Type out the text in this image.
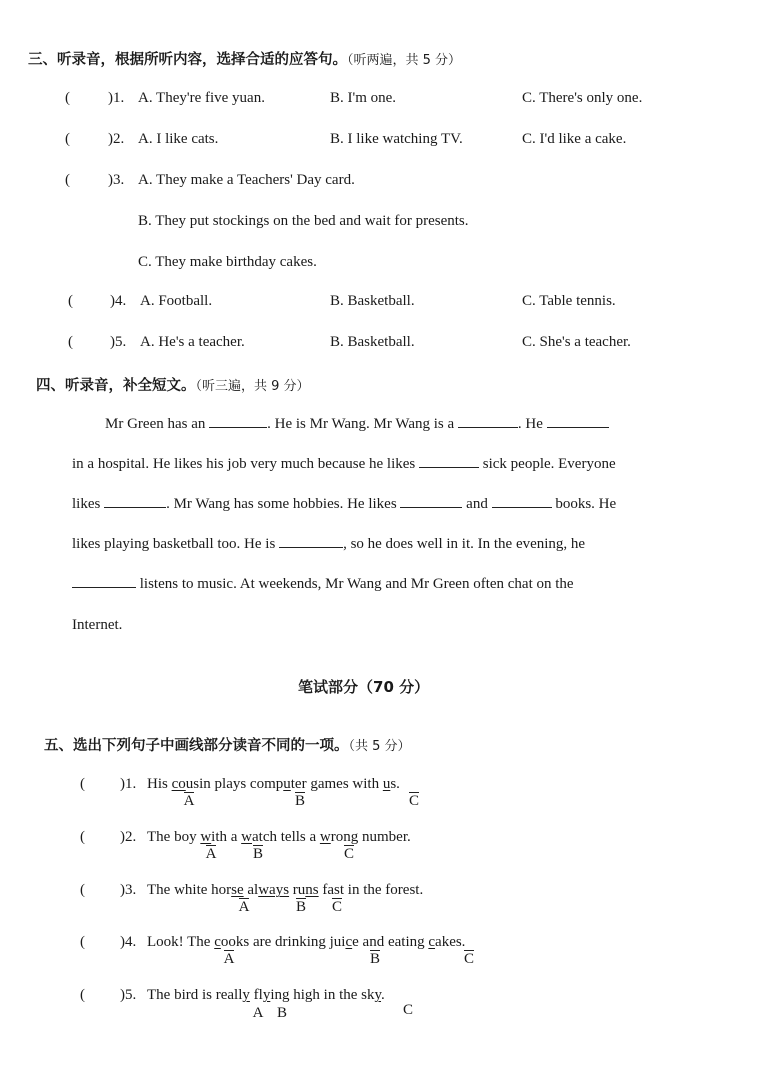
三、听录音，根据所听内容，选择合适的应答句。（听两遍，共 5 分）
(	)1. A. They're five yuan.	B. I'm one.	C. There's only one.
(	)2. A. I like cats.	B. I like watching TV.	C. I'd like a cake.
(	)3. A. They make a Teachers' Day card.
B. They put stockings on the bed and wait for presents.
C. They make birthday cakes.
( )4. A. Football.	B. Basketball.	C. Table tennis.
( )5. A. He's a teacher.	B. Basketball.	C. She's a teacher.
四、听录音，补全短文。（听三遍，共 9 分）
Mr Green has an	. He is Mr Wang. Mr Wang is a	. He
in a hospital. He likes his job very much because he likes	sick people. Everyone
likes	. Mr Wang has some hobbies. He likes	and	books. He
likes playing basketball too. He is	, so he does well in it. In the evening, he
listens to music. At weekends, Mr Wang and Mr Green often chat on the
Internet.
笔试部分（70 分）
五、选出下列句子中画线部分读音不同的一项。（共 5 分）
( )1. His cousin plays computer games with us.
A	B	C
( )2. The boy with a watch tells a wrong number.
A B	C
( )3. The white horse always runs fast in the forest.
A	B C
( )4. Look! The cooks are drinking juice and eating cakes.
A	B	C
( )5. The bird is really flying high in the sky.
A B	C
